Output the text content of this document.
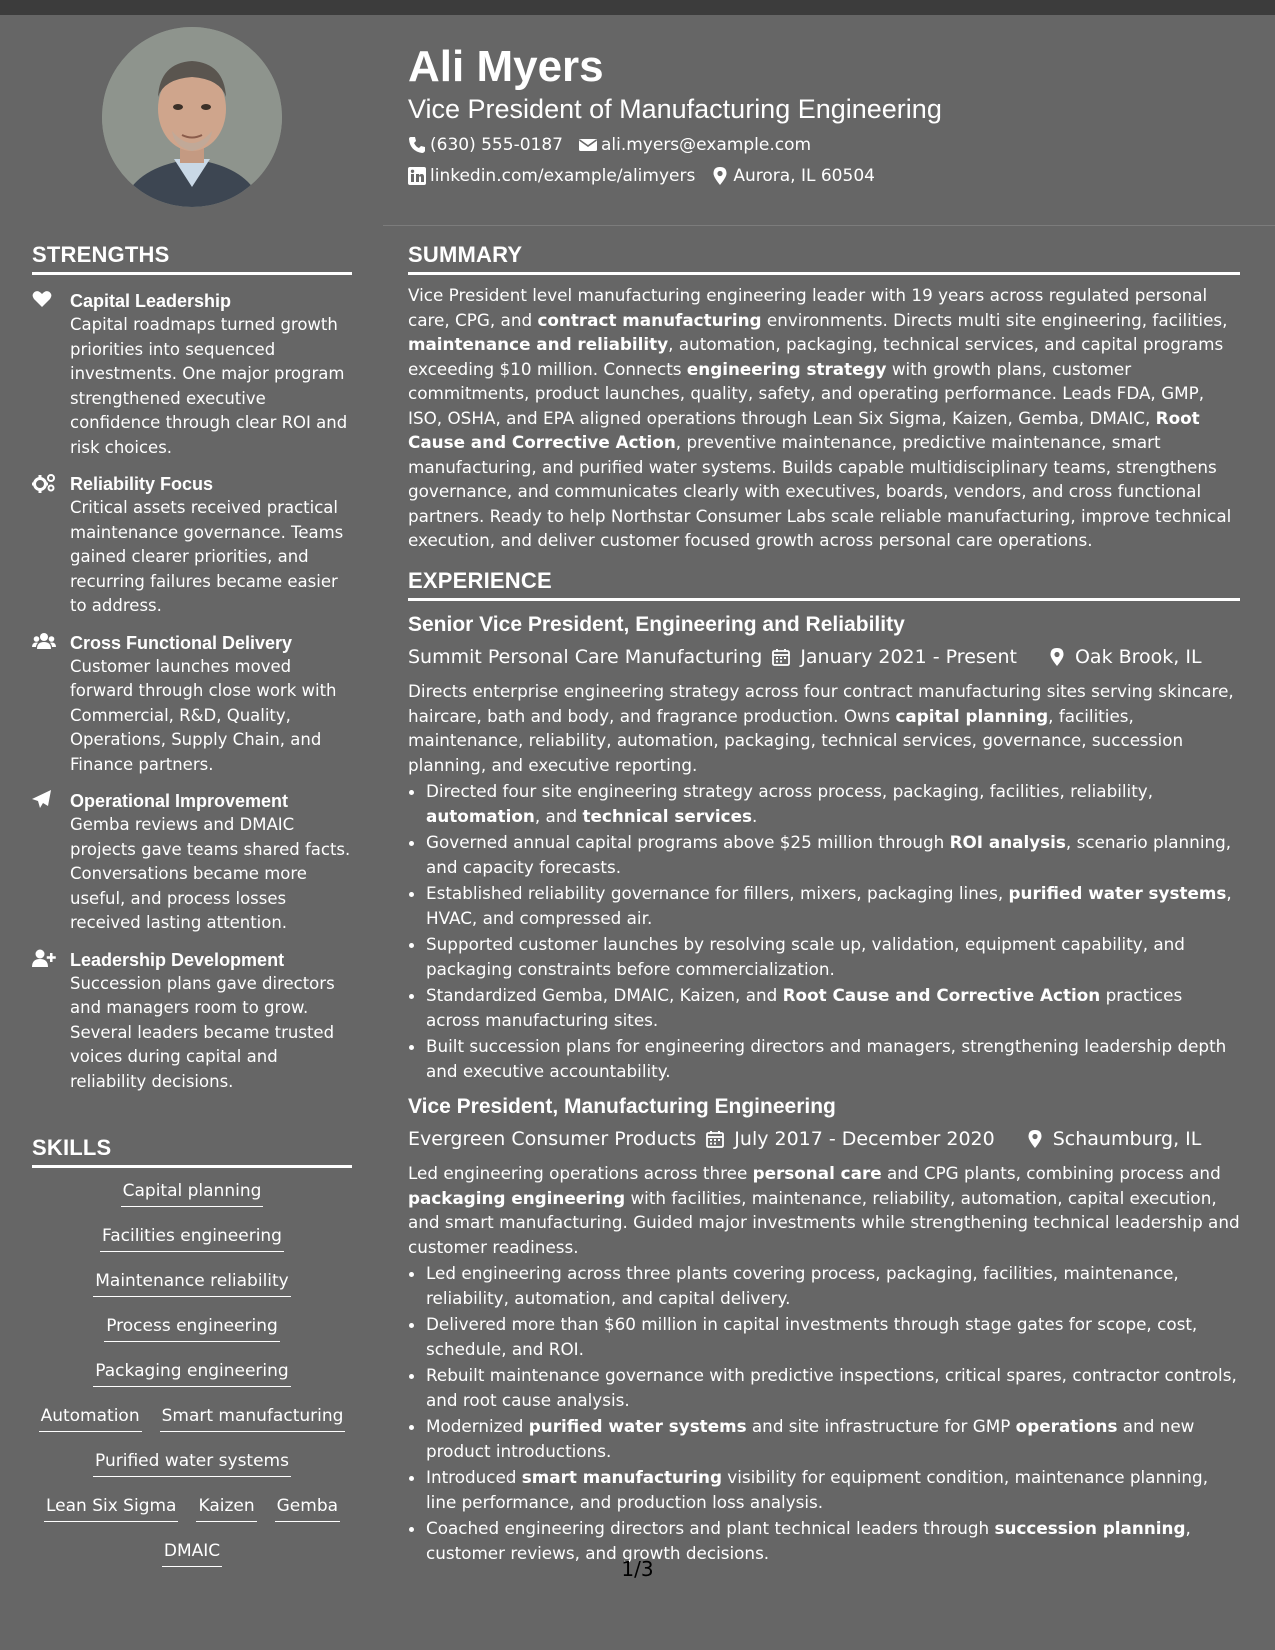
STRENGTHS
Capital Leadership
Capital roadmaps turned growth priorities into sequenced investments. One major program strengthened executive confidence through clear ROI and risk choices.
Reliability Focus
Critical assets received practical maintenance governance. Teams gained clearer priorities, and recurring failures became easier to address.
Cross Functional Delivery
Customer launches moved forward through close work with Commercial, R&D, Quality, Operations, Supply Chain, and Finance partners.
Operational Improvement
Gemba reviews and DMAIC projects gave teams shared facts. Conversations became more useful, and process losses received lasting attention.
Leadership Development
Succession plans gave directors and managers room to grow. Several leaders became trusted voices during capital and reliability decisions.
SKILLS
Capital planning
Facilities engineering
Maintenance reliability
Process engineering
Packaging engineering
Automation Smart manufacturing
Purified water systems
Lean Six Sigma Kaizen Gemba
DMAIC
Ali Myers
Vice President of Manufacturing Engineering
(630) 555-0187 ali.myers@example.com
linkedin.com/example/alimyers Aurora, IL 60504
SUMMARY
Vice President level manufacturing engineering leader with 19 years across regulated personal care, CPG, and contract manufacturing environments. Directs multi site engineering, facilities, maintenance and reliability, automation, packaging, technical services, and capital programs exceeding $10 million. Connects engineering strategy with growth plans, customer commitments, product launches, quality, safety, and operating performance. Leads FDA, GMP, ISO, OSHA, and EPA aligned operations through Lean Six Sigma, Kaizen, Gemba, DMAIC, Root Cause and Corrective Action, preventive maintenance, predictive maintenance, smart manufacturing, and purified water systems. Builds capable multidisciplinary teams, strengthens governance, and communicates clearly with executives, boards, vendors, and cross functional partners. Ready to help Northstar Consumer Labs scale reliable manufacturing, improve technical execution, and deliver customer focused growth across personal care operations.
EXPERIENCE
Senior Vice President, Engineering and Reliability
Summit Personal Care Manufacturing January 2021 - Present	Oak Brook, IL
Directs enterprise engineering strategy across four contract manufacturing sites serving skincare, haircare, bath and body, and fragrance production. Owns capital planning, facilities, maintenance, reliability, automation, packaging, technical services, governance, succession planning, and executive reporting.
• Directed four site engineering strategy across process, packaging, facilities, reliability, automation, and technical services.
• Governed annual capital programs above $25 million through ROI analysis, scenario planning, and capacity forecasts.
• Established reliability governance for fillers, mixers, packaging lines, purified water systems, HVAC, and compressed air.
• Supported customer launches by resolving scale up, validation, equipment capability, and packaging constraints before commercialization.
• Standardized Gemba, DMAIC, Kaizen, and Root Cause and Corrective Action practices across manufacturing sites.
• Built succession plans for engineering directors and managers, strengthening leadership depth and executive accountability.
Vice President, Manufacturing Engineering
Evergreen Consumer Products July 2017 - December 2020	Schaumburg, IL
Led engineering operations across three personal care and CPG plants, combining process and packaging engineering with facilities, maintenance, reliability, automation, capital execution, and smart manufacturing. Guided major investments while strengthening technical leadership and customer readiness.
• Led engineering across three plants covering process, packaging, facilities, maintenance, reliability, automation, and capital delivery.
• Delivered more than $60 million in capital investments through stage gates for scope, cost, schedule, and ROI.
• Rebuilt maintenance governance with predictive inspections, critical spares, contractor controls, and root cause analysis.
• Modernized purified water systems and site infrastructure for GMP operations and new product introductions.
• Introduced smart manufacturing visibility for equipment condition, maintenance planning, line performance, and production loss analysis.
• Coached engineering directors and plant technical leaders through succession planning, customer reviews, and growth decisions.
1/3
